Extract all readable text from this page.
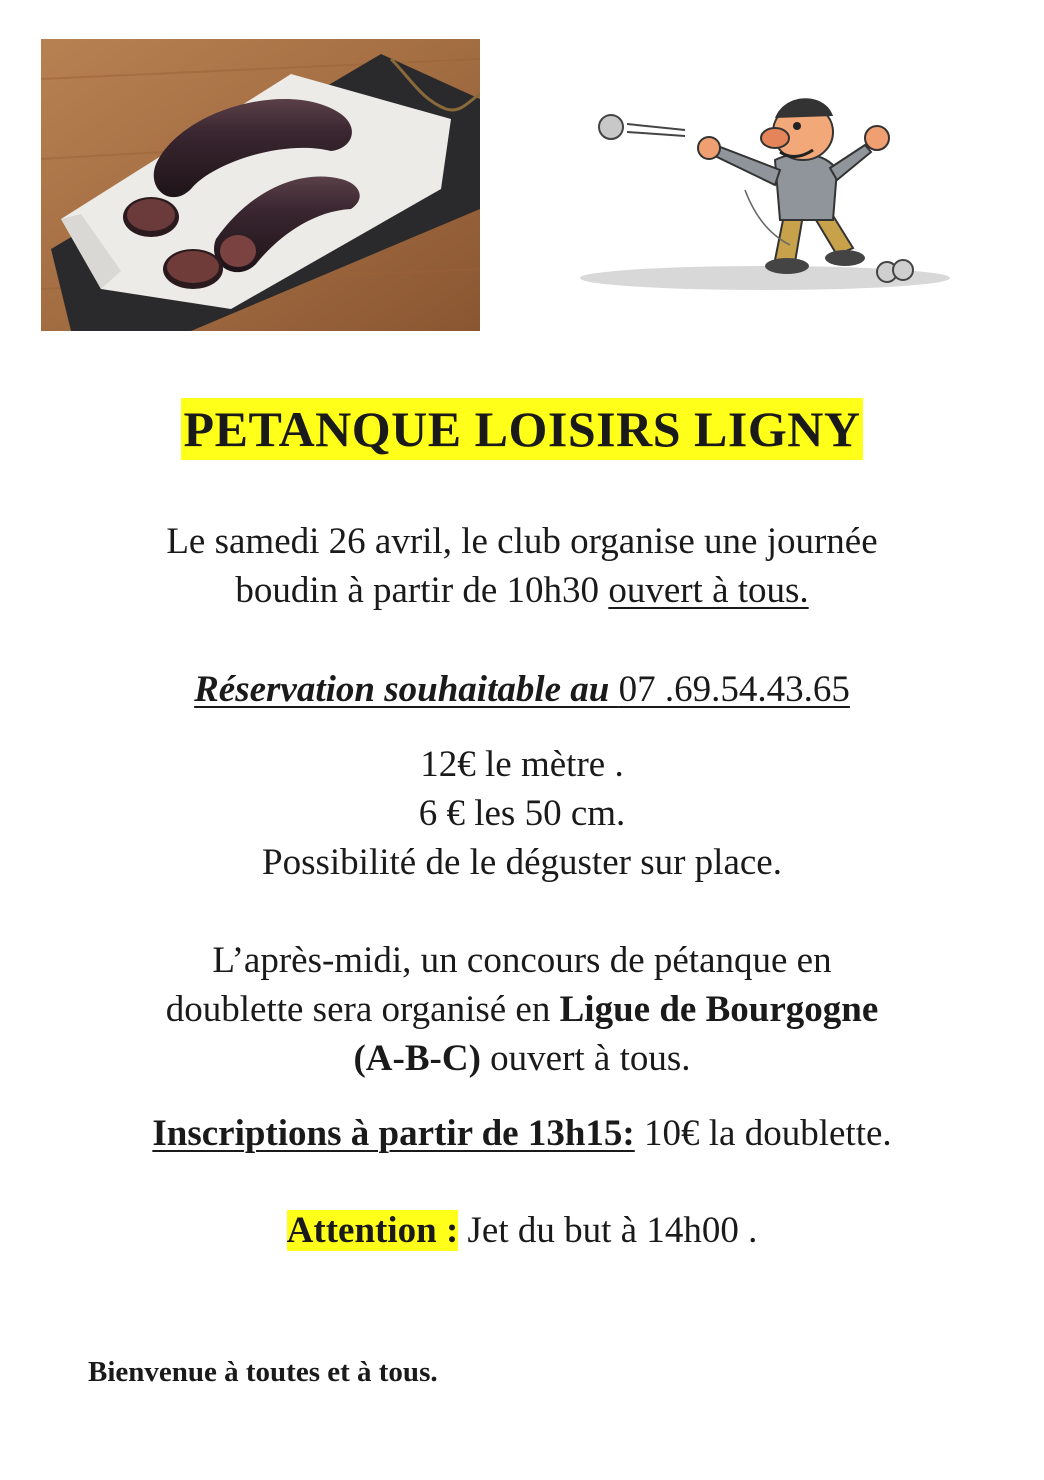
PETANQUE LOISIRS LIGNY
Le samedi 26 avril, le club organise une journée
boudin à partir de 10h30 ouvert à tous.
Réservation souhaitable au 07 .69.54.43.65
12€ le mètre .
6 € les 50 cm.
Possibilité de le déguster sur place.
L’après-midi, un concours de pétanque en
doublette sera organisé en Ligue de Bourgogne
(A-B-C) ouvert à tous.
Inscriptions à partir de 13h15: 10€ la doublette.
Attention : Jet du but à 14h00 .
Bienvenue à toutes et à tous.
